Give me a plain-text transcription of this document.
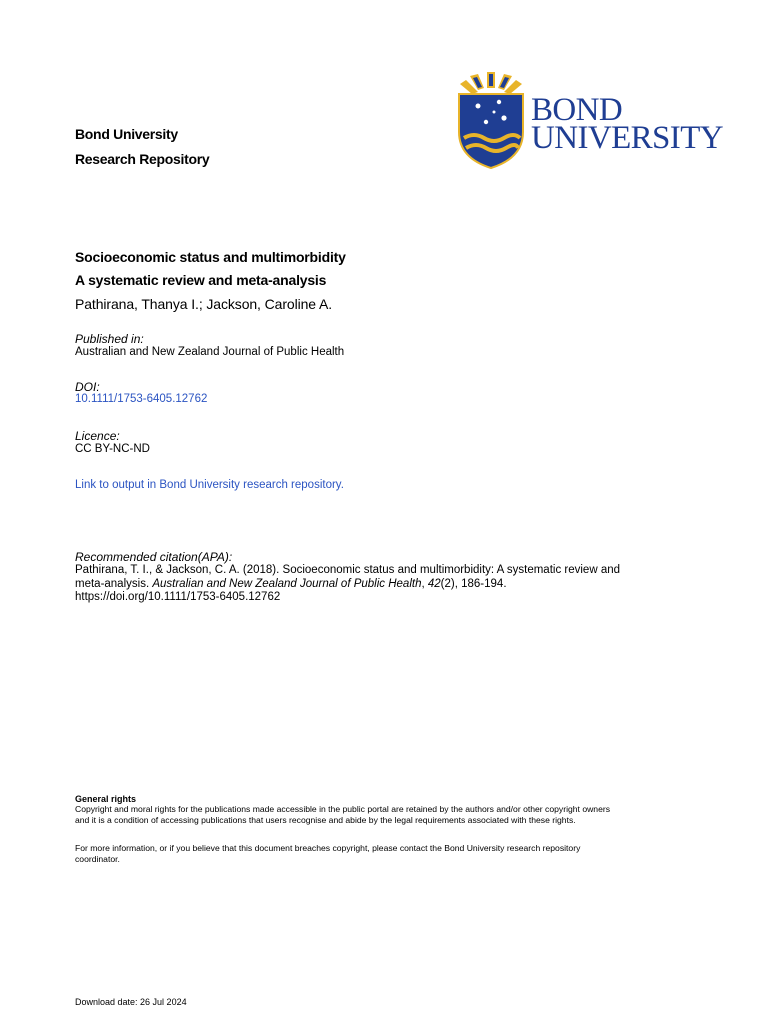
Bond University
Research Repository
BOND
UNIVERSITY
Socioeconomic status and multimorbidity
A systematic review and meta-analysis
Pathirana, Thanya I.; Jackson, Caroline A.
Published in:
Australian and New Zealand Journal of Public Health
DOI:
10.1111/1753-6405.12762
Licence:
CC BY-NC-ND
Link to output in Bond University research repository.
Recommended citation(APA):
Pathirana, T. I., & Jackson, C. A. (2018). Socioeconomic status and multimorbidity: A systematic review and
meta-analysis. Australian and New Zealand Journal of Public Health, 42(2), 186-194.
https://doi.org/10.1111/1753-6405.12762
General rights
Copyright and moral rights for the publications made accessible in the public portal are retained by the authors and/or other copyright owners
and it is a condition of accessing publications that users recognise and abide by the legal requirements associated with these rights.
For more information, or if you believe that this document breaches copyright, please contact the Bond University research repository
coordinator.
Download date: 26 Jul 2024
